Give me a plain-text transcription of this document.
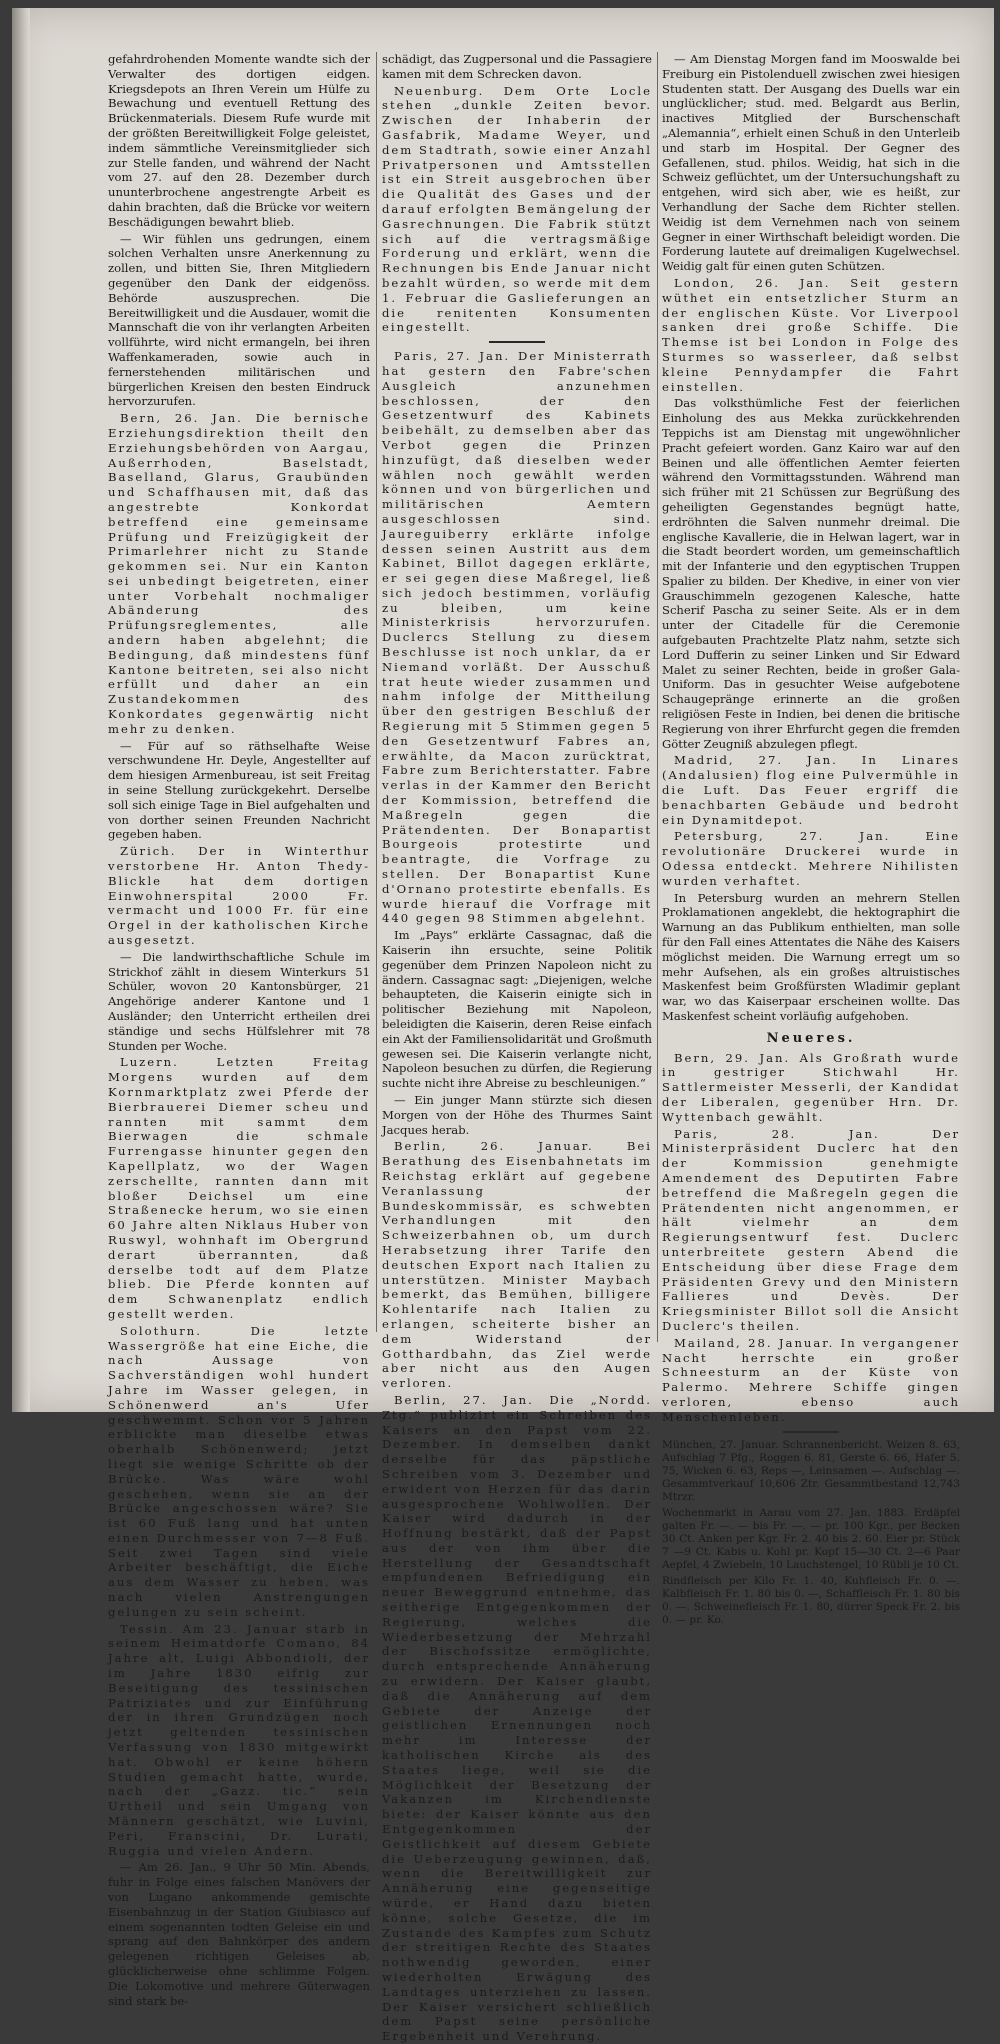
gefahrdrohenden Momente wandte sich der Verwalter des dortigen eidgen. Kriegsdepots an Ihren Verein um Hülfe zu Bewachung und eventuell Rettung des Brückenmaterials. Diesem Rufe wurde mit der größten Bereitwilligkeit Folge geleistet, indem sämmtliche Vereinsmitglieder sich zur Stelle fanden, und während der Nacht vom 27. auf den 28. Dezember durch ununterbrochene angestrengte Arbeit es dahin brachten, daß die Brücke vor weitern Beschädigungen bewahrt blieb.

— Wir fühlen uns gedrungen, einem solchen Verhalten unsre Anerkennung zu zollen, und bitten Sie, Ihren Mitgliedern gegenüber den Dank der eidgenöss. Behörde auszusprechen. Die Bereitwilligkeit und die Ausdauer, womit die Mannschaft die von ihr verlangten Arbeiten vollführte, wird nicht ermangeln, bei ihren Waffenkameraden, sowie auch in fernerstehenden militärischen und bürgerlichen Kreisen den besten Eindruck hervorzurufen.

Bern, 26. Jan. Die bernische Erziehungsdirektion theilt den Erziehungsbehörden von Aargau, Außerrhoden, Baselstadt, Baselland, Glarus, Graubünden und Schaffhausen mit, daß das angestrebte Konkordat betreffend eine gemeinsame Prüfung und Freizügigkeit der Primarlehrer nicht zu Stande gekommen sei. Nur ein Kanton sei unbedingt beigetreten, einer unter Vorbehalt nochmaliger Abänderung des Prüfungsreglementes, alle andern haben abgelehnt; die Bedingung, daß mindestens fünf Kantone beitreten, sei also nicht erfüllt und daher an ein Zustandekommen des Konkordates gegenwärtig nicht mehr zu denken.

— Für auf so räthselhafte Weise verschwundene Hr. Deyle, Angestellter auf dem hiesigen Armenbureau, ist seit Freitag in seine Stellung zurückgekehrt. Derselbe soll sich einige Tage in Biel aufgehalten und von dorther seinen Freunden Nachricht gegeben haben.

Zürich. Der in Winterthur verstorbene Hr. Anton Thedy-Blickle hat dem dortigen Einwohnerspital 2000 Fr. vermacht und 1000 Fr. für eine Orgel in der katholischen Kirche ausgesetzt.

— Die landwirthschaftliche Schule im Strickhof zählt in diesem Winterkurs 51 Schüler, wovon 20 Kantonsbürger, 21 Angehörige anderer Kantone und 1 Ausländer; den Unterricht ertheilen drei ständige und sechs Hülfslehrer mit 78 Stunden per Woche.

Luzern. Letzten Freitag Morgens wurden auf dem Kornmarktplatz zwei Pferde der Bierbrauerei Diemer scheu und rannten mit sammt dem Bierwagen die schmale Furrengasse hinunter gegen den Kapellplatz, wo der Wagen zerschellte, rannten dann mit bloßer Deichsel um eine Straßenecke herum, wo sie einen 60 Jahre alten Niklaus Huber von Ruswyl, wohnhaft im Obergrund derart überrannten, daß derselbe todt auf dem Platze blieb. Die Pferde konnten auf dem Schwanenplatz endlich gestellt werden.

Solothurn. Die letzte Wassergröße hat eine Eiche, die nach Aussage von Sachverständigen wohl hundert Jahre im Wasser gelegen, in Schönenwerd an's Ufer geschwemmt. Schon vor 5 Jahren erblickte man dieselbe etwas oberhalb Schönenwerd; jetzt liegt sie wenige Schritte ob der Brücke. Was wäre wohl geschehen, wenn sie an der Brücke angeschossen wäre? Sie ist 60 Fuß lang und hat unten einen Durchmesser von 7—8 Fuß. Seit zwei Tagen sind viele Arbeiter beschäftigt, die Eiche aus dem Wasser zu heben, was nach vielen Anstrengungen gelungen zu sein scheint.

Tessin. Am 23. Januar starb in seinem Heimatdorfe Comano, 84 Jahre alt, Luigi Abbondioli, der im Jahre 1830 eifrig zur Beseitigung des tessinischen Patriziates und zur Einführung der in ihren Grundzügen noch jetzt geltenden tessinischen Verfassung von 1830 mitgewirkt hat. Obwohl er keine höhern Studien gemacht hatte, wurde, nach der „Gazz. tic.“ sein Urtheil und sein Umgang von Männern geschätzt, wie Luvini, Peri, Franscini, Dr. Lurati, Ruggia und vielen Andern.

— Am 26. Jan., 9 Uhr 50 Min. Abends, fuhr in Folge eines falschen Manövers der von Lugano ankommende gemischte Eisenbahnzug in der Station Giubiasco auf einem sogenannten todten Geleise ein und sprang auf den Bahnkörper des andern gelegenen richtigen Geleises ab, glücklicherweise ohne schlimme Folgen. Die Lokomotive und mehrere Güterwagen sind stark be-

schädigt, das Zugpersonal und die Passagiere kamen mit dem Schrecken davon.

Neuenburg. Dem Orte Locle stehen „dunkle Zeiten bevor. Zwischen der Inhaberin der Gasfabrik, Madame Weyer, und dem Stadtrath, sowie einer Anzahl Privatpersonen und Amtsstellen ist ein Streit ausgebrochen über die Qualität des Gases und der darauf erfolgten Bemängelung der Gasrechnungen. Die Fabrik stützt sich auf die vertragsmäßige Forderung und erklärt, wenn die Rechnungen bis Ende Januar nicht bezahlt würden, so werde mit dem 1. Februar die Gaslieferungen an die renitenten Konsumenten eingestellt.

Paris, 27. Jan. Der Ministerrath hat gestern den Fabre'schen Ausgleich anzunehmen beschlossen, der den Gesetzentwurf des Kabinets beibehält, zu demselben aber das Verbot gegen die Prinzen hinzufügt, daß dieselben weder wählen noch gewählt werden können und von bürgerlichen und militärischen Aemtern ausgeschlossen sind. Jaureguiberry erklärte infolge dessen seinen Austritt aus dem Kabinet, Billot dagegen erklärte, er sei gegen diese Maßregel, ließ sich jedoch bestimmen, vorläufig zu bleiben, um keine Ministerkrisis hervorzurufen. Duclercs Stellung zu diesem Beschlusse ist noch unklar, da er Niemand vorläßt. Der Ausschuß trat heute wieder zusammen und nahm infolge der Mittheilung über den gestrigen Beschluß der Regierung mit 5 Stimmen gegen 5 den Gesetzentwurf Fabres an, erwählte, da Macon zurücktrat, Fabre zum Berichterstatter. Fabre verlas in der Kammer den Bericht der Kommission, betreffend die Maßregeln gegen die Prätendenten. Der Bonapartist Bourgeois protestirte und beantragte, die Vorfrage zu stellen. Der Bonapartist Kune d'Ornano protestirte ebenfalls. Es wurde hierauf die Vorfrage mit 440 gegen 98 Stimmen abgelehnt.

Im „Pays“ erklärte Cassagnac, daß die Kaiserin ihn ersuchte, seine Politik gegenüber dem Prinzen Napoleon nicht zu ändern. Cassagnac sagt: „Diejenigen, welche behaupteten, die Kaiserin einigte sich in politischer Beziehung mit Napoleon, beleidigten die Kaiserin, deren Reise einfach ein Akt der Familiensolidarität und Großmuth gewesen sei. Die Kaiserin verlangte nicht, Napoleon besuchen zu dürfen, die Regierung suchte nicht ihre Abreise zu beschleunigen.“

— Ein junger Mann stürzte sich diesen Morgen von der Höhe des Thurmes Saint Jacques herab.

Berlin, 26. Januar. Bei Berathung des Eisenbahnetats im Reichstag erklärt auf gegebene Veranlassung der Bundeskommissär, es schwebten Verhandlungen mit den Schweizerbahnen ob, um durch Herabsetzung ihrer Tarife den deutschen Export nach Italien zu unterstützen. Minister Maybach bemerkt, das Bemühen, billigere Kohlentarife nach Italien zu erlangen, scheiterte bisher an dem Widerstand der Gotthardbahn, das Ziel werde aber nicht aus den Augen verloren.

Berlin, 27. Jan. Die „Nordd. Ztg.“ publizirt ein Schreiben des Kaisers an den Papst vom 22. Dezember. In demselben dankt derselbe für das päpstliche Schreiben vom 3. Dezember und erwidert von Herzen für das darin ausgesprochene Wohlwollen. Der Kaiser wird dadurch in der Hoffnung bestärkt, daß der Papst aus der von ihm über die Herstellung der Gesandtschaft empfundenen Befriedigung ein neuer Beweggrund entnehme, das seitherige Entgegenkommen der Regierung, welches die Wiederbesetzung der Mehrzahl der Bischofssitze ermöglichte, durch entsprechende Annäherung zu erwidern. Der Kaiser glaubt, daß die Annäherung auf dem Gebiete der Anzeige der geistlichen Ernennungen noch mehr im Interesse der katholischen Kirche als des Staates liege, weil sie die Möglichkeit der Besetzung der Vakanzen im Kirchendienste biete: der Kaiser könnte aus den Entgegenkommen der Geistlichkeit auf diesem Gebiete die Ueberzeugung gewinnen, daß, wenn die Bereitwilligkeit zur Annäherung eine gegenseitige würde, er Hand dazu bieten könne, solche Gesetze, die im Zustande des Kampfes zum Schutz der streitigen Rechte des Staates nothwendig geworden, einer wiederholten Erwägung des Landtages unterziehen zu lassen. Der Kaiser versichert schließlich dem Papst seine persönliche Ergebenheit und Verehrung.

— Am Dienstag Morgen fand im Mooswalde bei Freiburg ein Pistolenduell zwischen zwei hiesigen Studenten statt. Der Ausgang des Duells war ein unglücklicher; stud. med. Belgardt aus Berlin, inactives Mitglied der Burschenschaft „Alemannia“, erhielt einen Schuß in den Unterleib und starb im Hospital. Der Gegner des Gefallenen, stud. philos. Weidig, hat sich in die Schweiz geflüchtet, um der Untersuchungshaft zu entgehen, wird sich aber, wie es heißt, zur Verhandlung der Sache dem Richter stellen. Weidig ist dem Vernehmen nach von seinem Gegner in einer Wirthschaft beleidigt worden. Die Forderung lautete auf dreimaligen Kugelwechsel. Weidig galt für einen guten Schützen.

London, 26. Jan. Seit gestern wüthet ein entsetzlicher Sturm an der englischen Küste. Vor Liverpool sanken drei große Schiffe. Die Themse ist bei London in Folge des Sturmes so wasserleer, daß selbst kleine Pennydampfer die Fahrt einstellen.

Das volksthümliche Fest der feierlichen Einholung des aus Mekka zurückkehrenden Teppichs ist am Dienstag mit ungewöhnlicher Pracht gefeiert worden. Ganz Kairo war auf den Beinen und alle öffentlichen Aemter feierten während den Vormittagsstunden. Während man sich früher mit 21 Schüssen zur Begrüßung des geheiligten Gegenstandes begnügt hatte, erdröhnten die Salven nunmehr dreimal. Die englische Kavallerie, die in Helwan lagert, war in die Stadt beordert worden, um gemeinschaftlich mit der Infanterie und den egyptischen Truppen Spalier zu bilden. Der Khedive, in einer von vier Grauschimmeln gezogenen Kalesche, hatte Scherif Pascha zu seiner Seite. Als er in dem unter der Citadelle für die Ceremonie aufgebauten Prachtzelte Platz nahm, setzte sich Lord Dufferin zu seiner Linken und Sir Edward Malet zu seiner Rechten, beide in großer Gala-Uniform. Das in gesuchter Weise aufgebotene Schaugepränge erinnerte an die großen religiösen Feste in Indien, bei denen die britische Regierung von ihrer Ehrfurcht gegen die fremden Götter Zeugniß abzulegen pflegt.

Madrid, 27. Jan. In Linares (Andalusien) flog eine Pulvermühle in die Luft. Das Feuer ergriff die benachbarten Gebäude und bedroht ein Dynamitdepot.

Petersburg, 27. Jan. Eine revolutionäre Druckerei wurde in Odessa entdeckt. Mehrere Nihilisten wurden verhaftet.

In Petersburg wurden an mehrern Stellen Proklamationen angeklebt, die hektographirt die Warnung an das Publikum enthielten, man solle für den Fall eines Attentates die Nähe des Kaisers möglichst meiden. Die Warnung erregt um so mehr Aufsehen, als ein großes altruistisches Maskenfest beim Großfürsten Wladimir geplant war, wo das Kaiserpaar erscheinen wollte. Das Maskenfest scheint vorläufig aufgehoben.

Neueres.

Bern, 29. Jan. Als Großrath wurde in gestriger Stichwahl Hr. Sattlermeister Messerli, der Kandidat der Liberalen, gegenüber Hrn. Dr. Wyttenbach gewählt.

Paris, 28. Jan. Der Ministerpräsident Duclerc hat den der Kommission genehmigte Amendement des Deputirten Fabre betreffend die Maßregeln gegen die Prätendenten nicht angenommen, er hält vielmehr an dem Regierungsentwurf fest. Duclerc unterbreitete gestern Abend die Entscheidung über diese Frage dem Präsidenten Grevy und den Ministern Fallieres und Devès. Der Kriegsminister Billot soll die Ansicht Duclerc's theilen.

Mailand, 28. Januar. In vergangener Nacht herrschte ein großer Schneesturm an der Küste von Palermo. Mehrere Schiffe gingen verloren, ebenso auch Menschenleben.

München, 27. Januar. Schrannenbericht. Weizen 8. 63, Aufschlag 7 Pfg., Roggen 6. 81, Gerste 6. 66, Hafer 5. 75, Wicken 6. 63, Reps —, Leinsamen —. Aufschlag —. Gesammtverkauf 10,606 Ztr. Gesammtbestand 12,743 Mtrzr.

Wochenmarkt in Aarau vom 27. Jan. 1883. Erdäpfel galten Fr. —. — bis Fr. —. — pr. 100 Kgr., per Becken 30 Ct. Anken per Kgr. Fr. 2. 40 bis 2. 60. Eier pr. Stück 7 —9 Ct. Kabis u. Kohl pr. Kopf 15—30 Ct. 2—6 Paar Aepfel, 4 Zwiebeln, 10 Lauchstengel, 10 Rübli je 10 Ct.

Rindfleisch per Kilo Fr. 1. 40, Kuhfleisch Fr. 0. —. Kalbfleisch Fr. 1. 80 bis 0. —, Schaffleisch Fr. 1. 80 bis 0. —. Schweinefleisch Fr. 1. 80, dürrer Speck Fr. 2. bis 0. — pr. Ko.
